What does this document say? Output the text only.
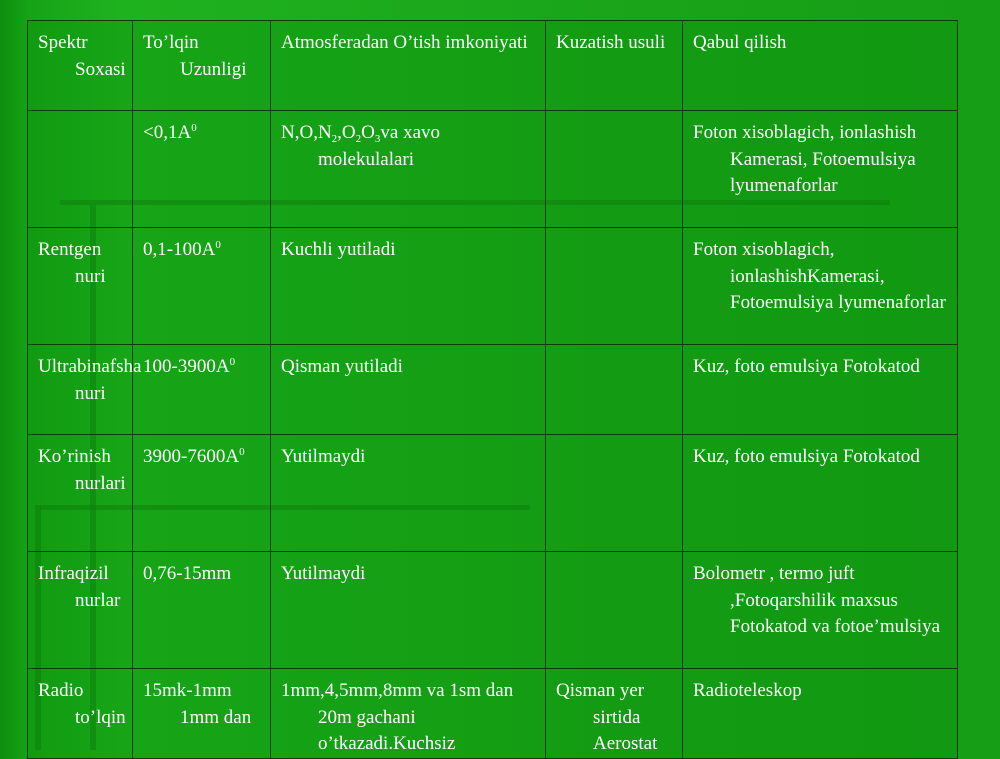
Spektr Soxasi	To’lqin Uzunligi	Atmosferadan O’tish imkoniyati	Kuzatish usuli	Qabul qilish
	$<0,1A^0$	$N,O,N_2,O_2O_3va$ xavo molekulalari		Foton xisoblagich, ionlashish Kamerasi, Fotoemulsiya lyumenaforlar
Rentgen nuri	$0,1-100A^0$	Kuchli yutiladi		Foton xisoblagich, ionlashishKamerasi, Fotoemulsiya lyumenaforlar
Ultrabinafsha nuri	$100-3900A^0$	Qisman yutiladi		Kuz, foto emulsiya Fotokatod
Ko’rinish nurlari	$3900-7600A^0$	Yutilmaydi		Kuz, foto emulsiya Fotokatod
Infraqizil nurlar	0,76-15mm	Yutilmaydi		Bolometr , termo juft ,Fotoqarshilik maxsus Fotokatod va fotoe’mulsiya
Radio to’lqin	15mk-1mm 1mm dan	1mm,4,5mm,8mm va 1sm dan 20m gachani o’tkazadi.Kuchsiz	Qisman yer sirtida Aerostat	Radioteleskop
